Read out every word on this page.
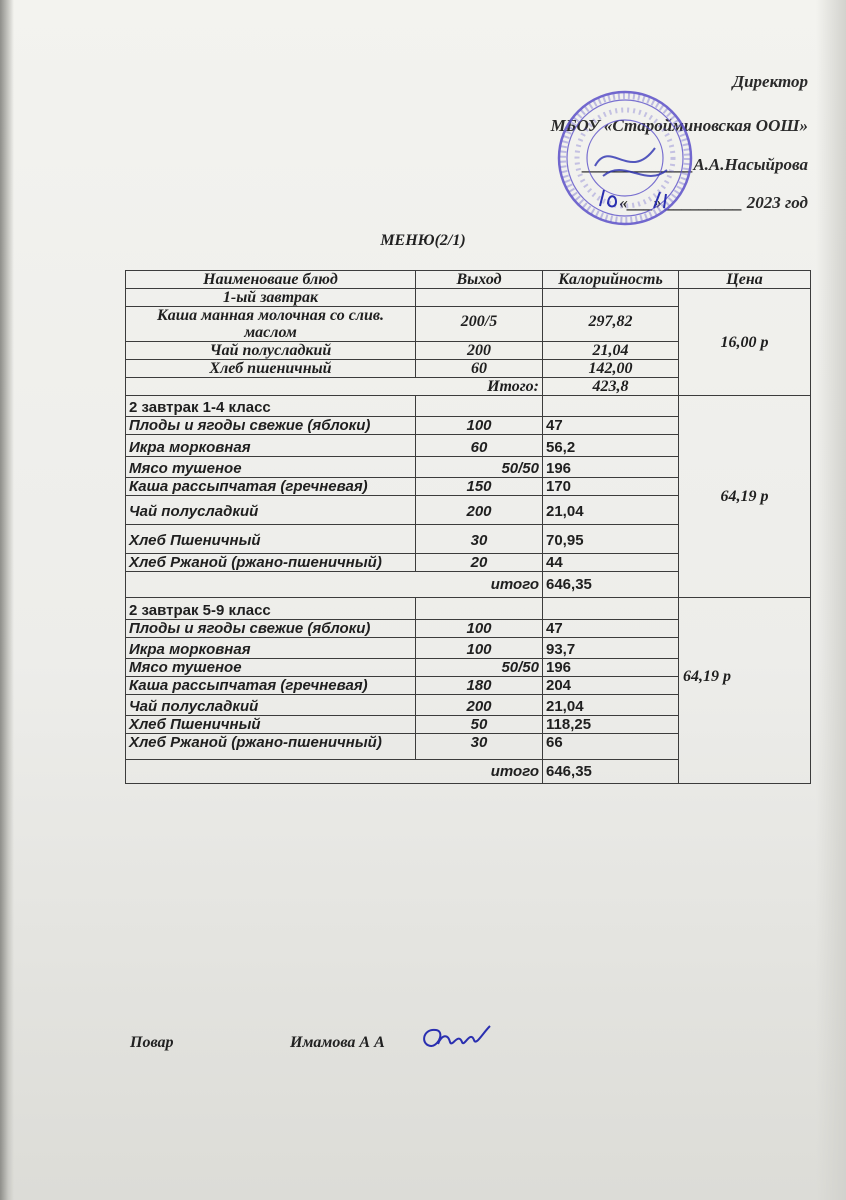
Директор
МБОУ «Старойминовская ООШ»
_____________А.А.Насыйрова
«___» _________ 2023 год
МЕНЮ(2/1)
Наименоваие блюд	Выход	Калорийность	Цена
1-ый завтрак			16,00 р
Каша манная молочная со слив. маслом	200/5	297,82	
Чай полусладкий	200	21,04	
Хлеб пшеничный	60	142,00	
Итого:		423,8	
2 завтрак 1-4 класс			64,19 р
Плоды и ягоды свежие (яблоки)	100	47	
Икра морковная	60	56,2	
Мясо тушеное	50/50	196	
Каша рассыпчатая (гречневая)	150	170	
Чай полусладкий	200	21,04	
Хлеб Пшеничный	30	70,95	
Хлеб Ржаной (ржано-пшеничный)	20	44	
итого		646,35	
2 завтрак 5-9 класс			64,19 р
Плоды и ягоды свежие (яблоки)	100	47	
Икра морковная	100	93,7	
Мясо тушеное	50/50	196	
Каша рассыпчатая (гречневая)	180	204	
Чай полусладкий	200	21,04	
Хлеб Пшеничный	50	118,25	
Хлеб Ржаной (ржано-пшеничный)	30	66	
итого		646,35	
Повар	Имамова А А
